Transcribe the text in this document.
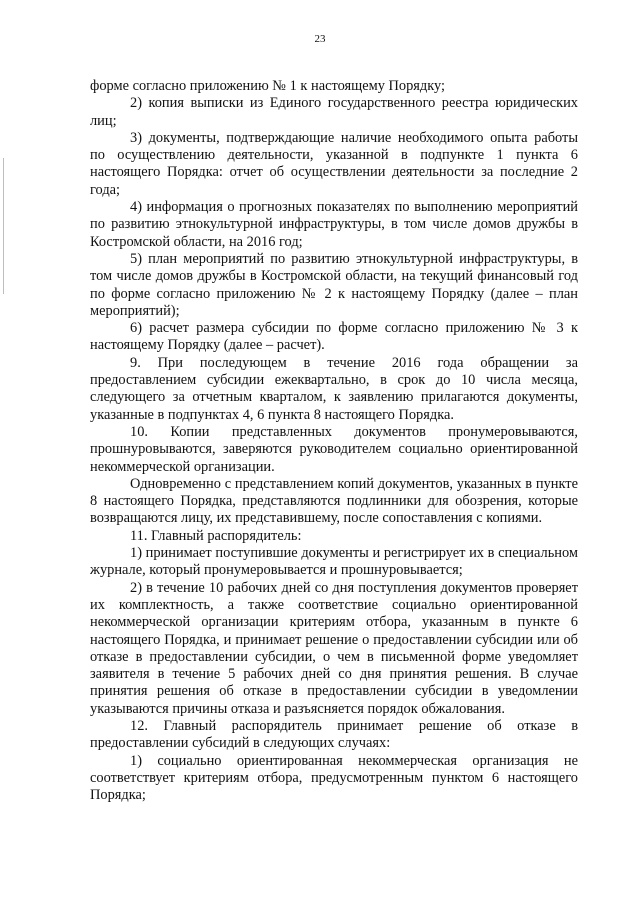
23

форме согласно приложению № 1 к настоящему Порядку;

2) копия выписки из Единого государственного реестра юридических лиц;

3) документы, подтверждающие наличие необходимого опыта работы по осуществлению деятельности, указанной в подпункте 1 пункта 6 настоящего Порядка: отчет об осуществлении деятельности за последние 2 года;

4) информация о прогнозных показателях по выполнению мероприятий по развитию этнокультурной инфраструктуры, в том числе домов дружбы в Костромской области, на 2016 год;

5) план мероприятий по развитию этнокультурной инфраструктуры, в том числе домов дружбы в Костромской области, на текущий финансовый год по форме согласно приложению № 2 к настоящему Порядку (далее – план мероприятий);

6) расчет размера субсидии по форме согласно приложению № 3 к настоящему Порядку (далее – расчет).

9. При последующем в течение 2016 года обращении за предоставлением субсидии ежеквартально, в срок до 10 числа месяца, следующего за отчетным кварталом, к заявлению прилагаются документы, указанные в подпунктах 4, 6 пункта 8 настоящего Порядка.

10. Копии представленных документов пронумеровываются, прошнуровываются, заверяются руководителем социально ориентированной некоммерческой организации.

Одновременно с представлением копий документов, указанных в пункте 8 настоящего Порядка, представляются подлинники для обозрения, которые возвращаются лицу, их представившему, после сопоставления с копиями.

11. Главный распорядитель:

1) принимает поступившие документы и регистрирует их в специальном журнале, который пронумеровывается и прошнуровывается;

2) в течение 10 рабочих дней со дня поступления документов проверяет их комплектность, а также соответствие социально ориентированной некоммерческой организации критериям отбора, указанным в пункте 6 настоящего Порядка, и принимает решение о предоставлении субсидии или об отказе в предоставлении субсидии, о чем в письменной форме уведомляет заявителя в течение 5 рабочих дней со дня принятия решения. В случае принятия решения об отказе в предоставлении субсидии в уведомлении указываются причины отказа и разъясняется порядок обжалования.

12. Главный распорядитель принимает решение об отказе в предоставлении субсидий в следующих случаях:

1) социально ориентированная некоммерческая организация не соответствует критериям отбора, предусмотренным пунктом 6 настоящего Порядка;
